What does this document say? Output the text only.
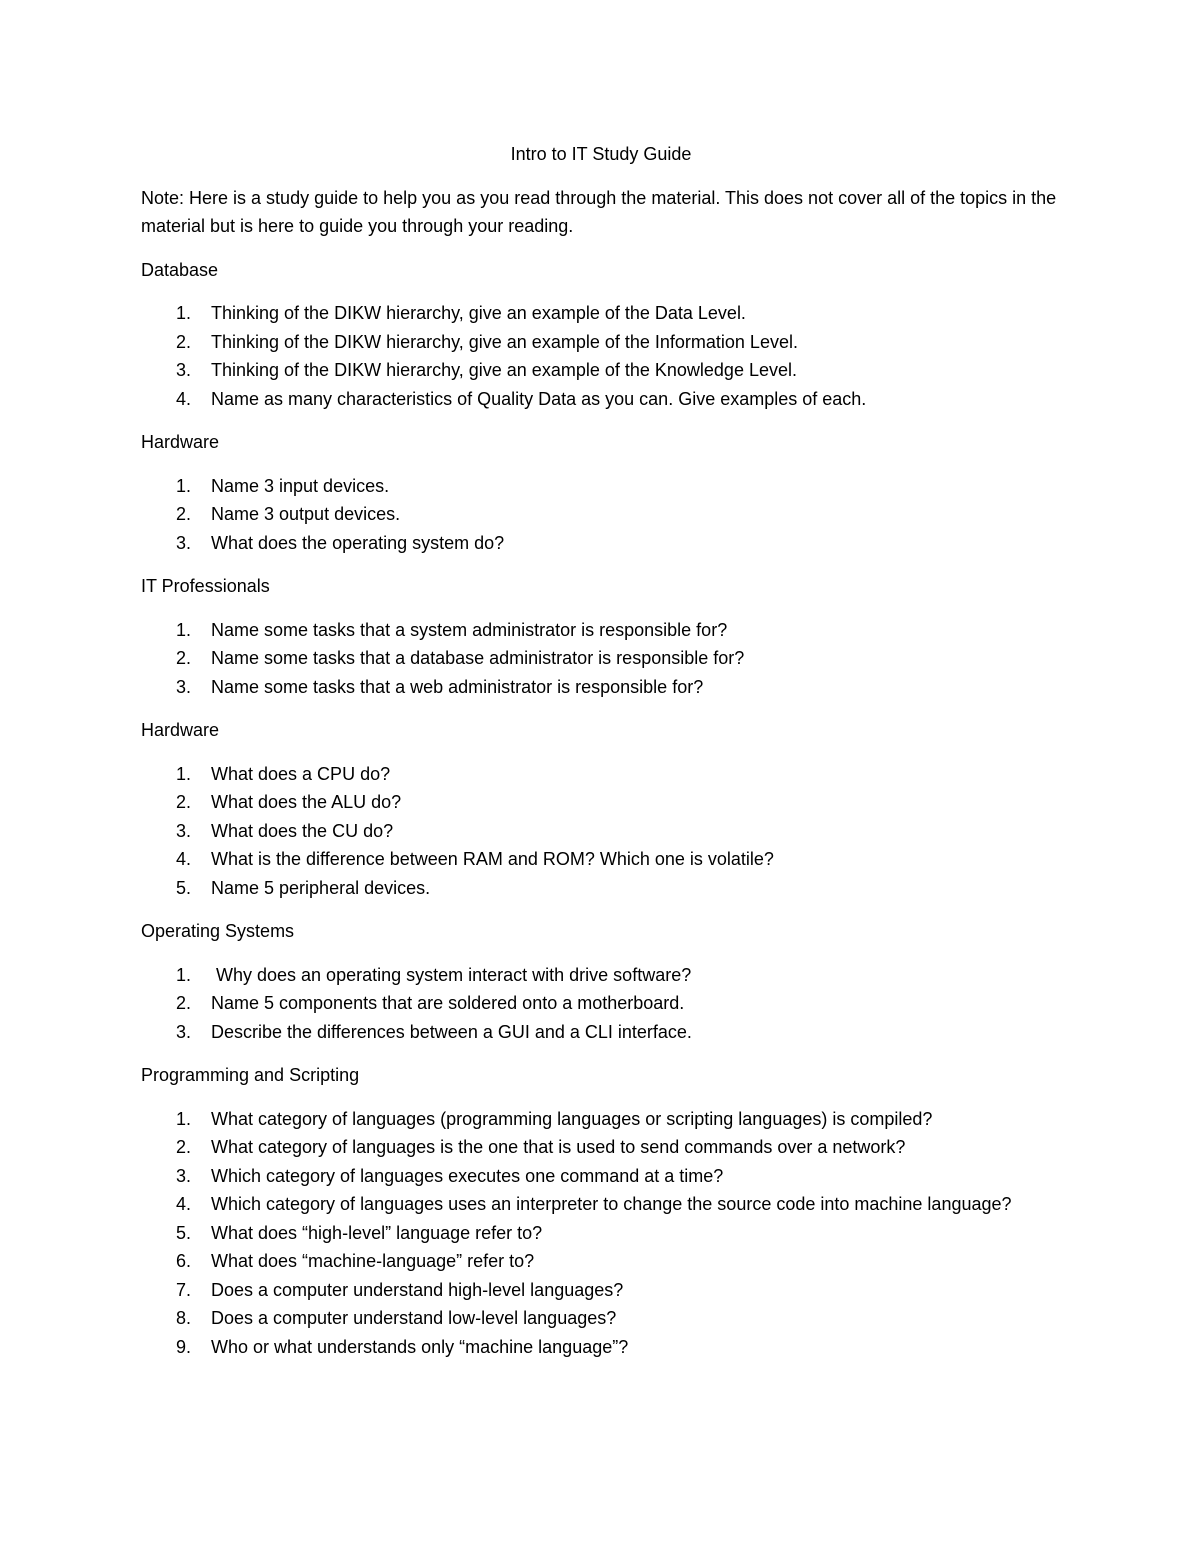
Intro to IT Study Guide
Note: Here is a study guide to help you as you read through the material. This does not cover all of the topics in the material but is here to guide you through your reading.
Database
1.	Thinking of the DIKW hierarchy, give an example of the Data Level.
2.	Thinking of the DIKW hierarchy, give an example of the Information Level.
3.	Thinking of the DIKW hierarchy, give an example of the Knowledge Level.
4.	Name as many characteristics of Quality Data as you can. Give examples of each.
Hardware
1.	Name 3 input devices.
2.	Name 3 output devices.
3.	What does the operating system do?
IT Professionals
1.	Name some tasks that a system administrator is responsible for?
2.	Name some tasks that a database administrator is responsible for?
3.	Name some tasks that a web administrator is responsible for?
Hardware
1.	What does a CPU do?
2.	What does the ALU do?
3.	What does the CU do?
4.	What is the difference between RAM and ROM? Which one is volatile?
5.	Name 5 peripheral devices.
Operating Systems
1.	Why does an operating system interact with drive software?
2.	Name 5 components that are soldered onto a motherboard.
3.	Describe the differences between a GUI and a CLI interface.
Programming and Scripting
1.	What category of languages (programming languages or scripting languages) is compiled?
2.	What category of languages is the one that is used to send commands over a network?
3.	Which category of languages executes one command at a time?
4.	Which category of languages uses an interpreter to change the source code into machine language?
5.	What does “high-level” language refer to?
6.	What does “machine-language” refer to?
7.	Does a computer understand high-level languages?
8.	Does a computer understand low-level languages?
9.	Who or what understands only “machine language”?
